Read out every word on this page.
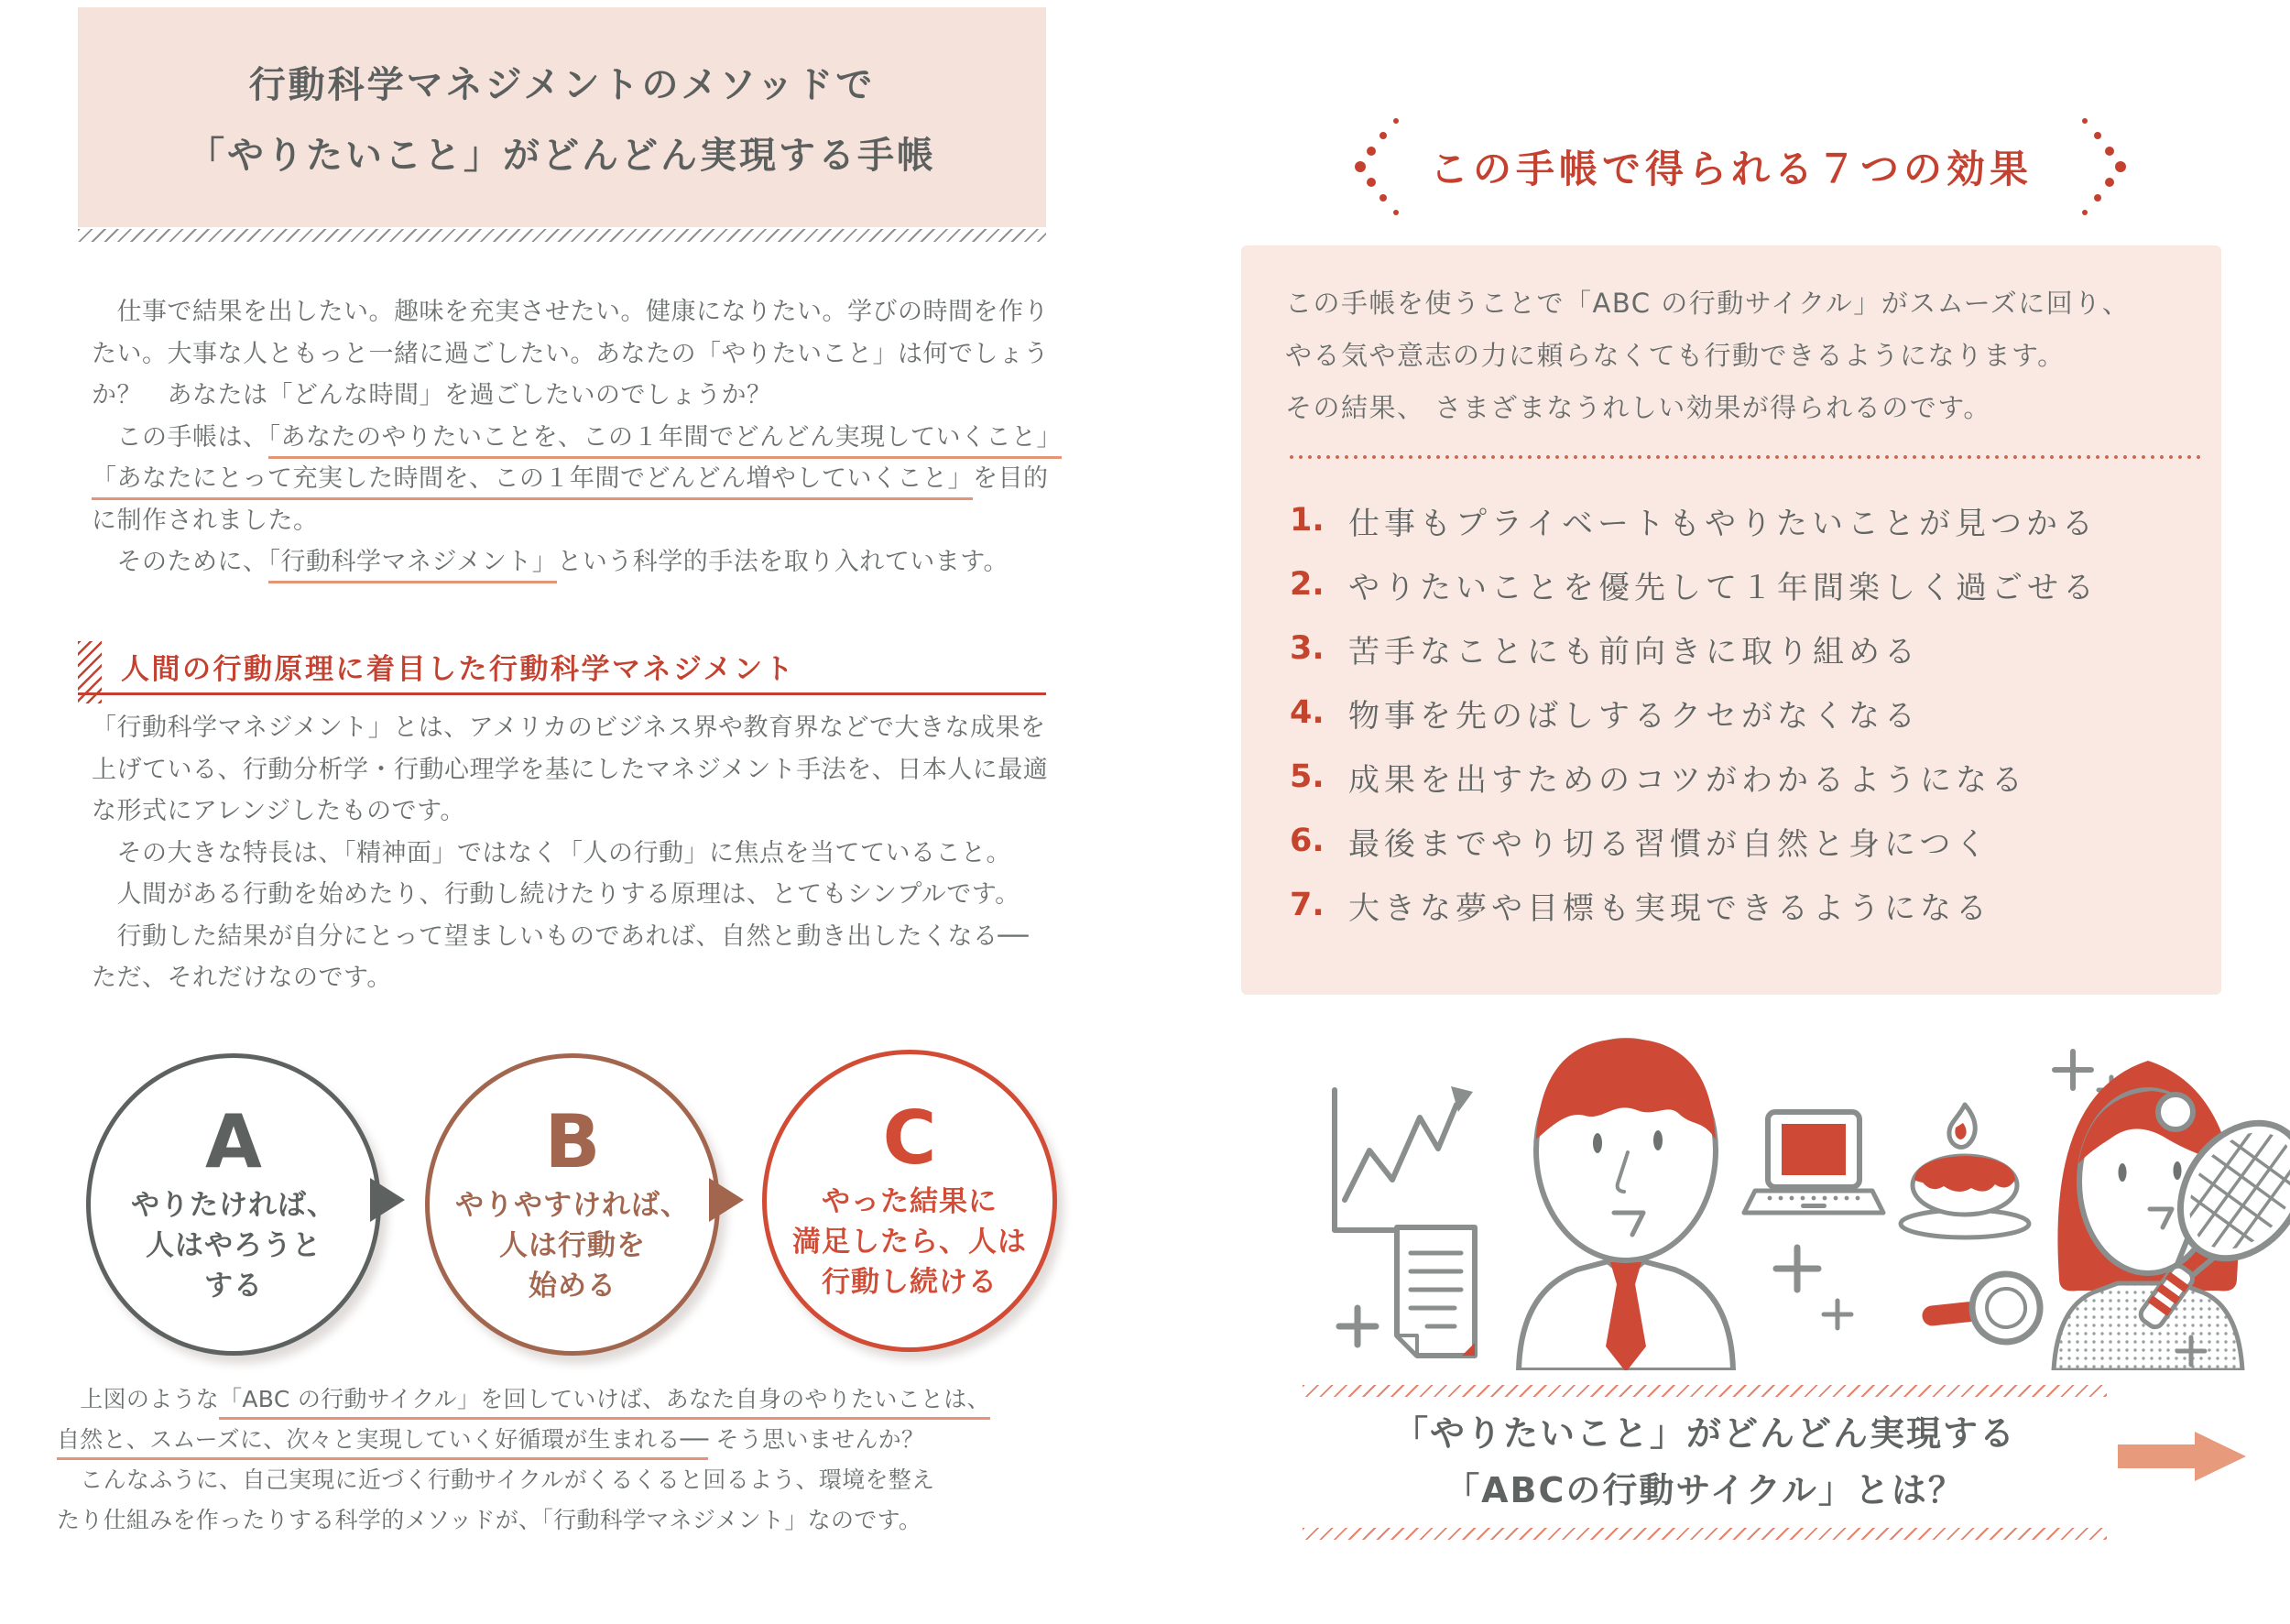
行動科学マネジメントのメソッドで
「やりたいこと」がどんどん実現する手帳
　仕事で結果を出したい。趣味を充実させたい。健康になりたい。学びの時間を作り
たい。大事な人ともっと一緒に過ごしたい。あなたの「やりたいこと」は何でしょう
か？　あなたは「どんな時間」を過ごしたいのでしょうか？
　この手帳は、「あなたのやりたいことを、この１年間でどんどん実現していくこと」
「あなたにとって充実した時間を、この１年間でどんどん増やしていくこと」を目的
に制作されました。
　そのために、「行動科学マネジメント」という科学的手法を取り入れています。
人間の行動原理に着目した行動科学マネジメント
「行動科学マネジメント」とは、アメリカのビジネス界や教育界などで大きな成果を
上げている、行動分析学・行動心理学を基にしたマネジメント手法を、日本人に最適
な形式にアレンジしたものです。
　その大きな特長は、「精神面」ではなく「人の行動」に焦点を当てていること。
　人間がある行動を始めたり、行動し続けたりする原理は、とてもシンプルです。
　行動した結果が自分にとって望ましいものであれば、自然と動き出したくなる──
ただ、それだけなのです。
A
やりたければ、
人はやろうと
する
B
やりやすければ、
人は行動を
始める
C
やった結果に
満足したら、人は
行動し続ける
　上図のような「ABC の行動サイクル」を回していけば、あなた自身のやりたいことは、
自然と、スムーズに、次々と実現していく好循環が生まれる── そう思いませんか？
　こんなふうに、自己実現に近づく行動サイクルがくるくると回るよう、環境を整え
たり仕組みを作ったりする科学的メソッドが、「行動科学マネジメント」なのです。
この手帳で得られる７つの効果
この手帳を使うことで「ABC の行動サイクル」がスムーズに回り、
やる気や意志の力に頼らなくても行動できるようになります。
その結果、 さまざまなうれしい効果が得られるのです。
1. 仕事もプライベートもやりたいことが見つかる
2. やりたいことを優先して１年間楽しく過ごせる
3. 苦手なことにも前向きに取り組める
4. 物事を先のばしするクセがなくなる
5. 成果を出すためのコツがわかるようになる
6. 最後までやり切る習慣が自然と身につく
7. 大きな夢や目標も実現できるようになる
「やりたいこと」がどんどん実現する
「ABCの行動サイクル」とは？
